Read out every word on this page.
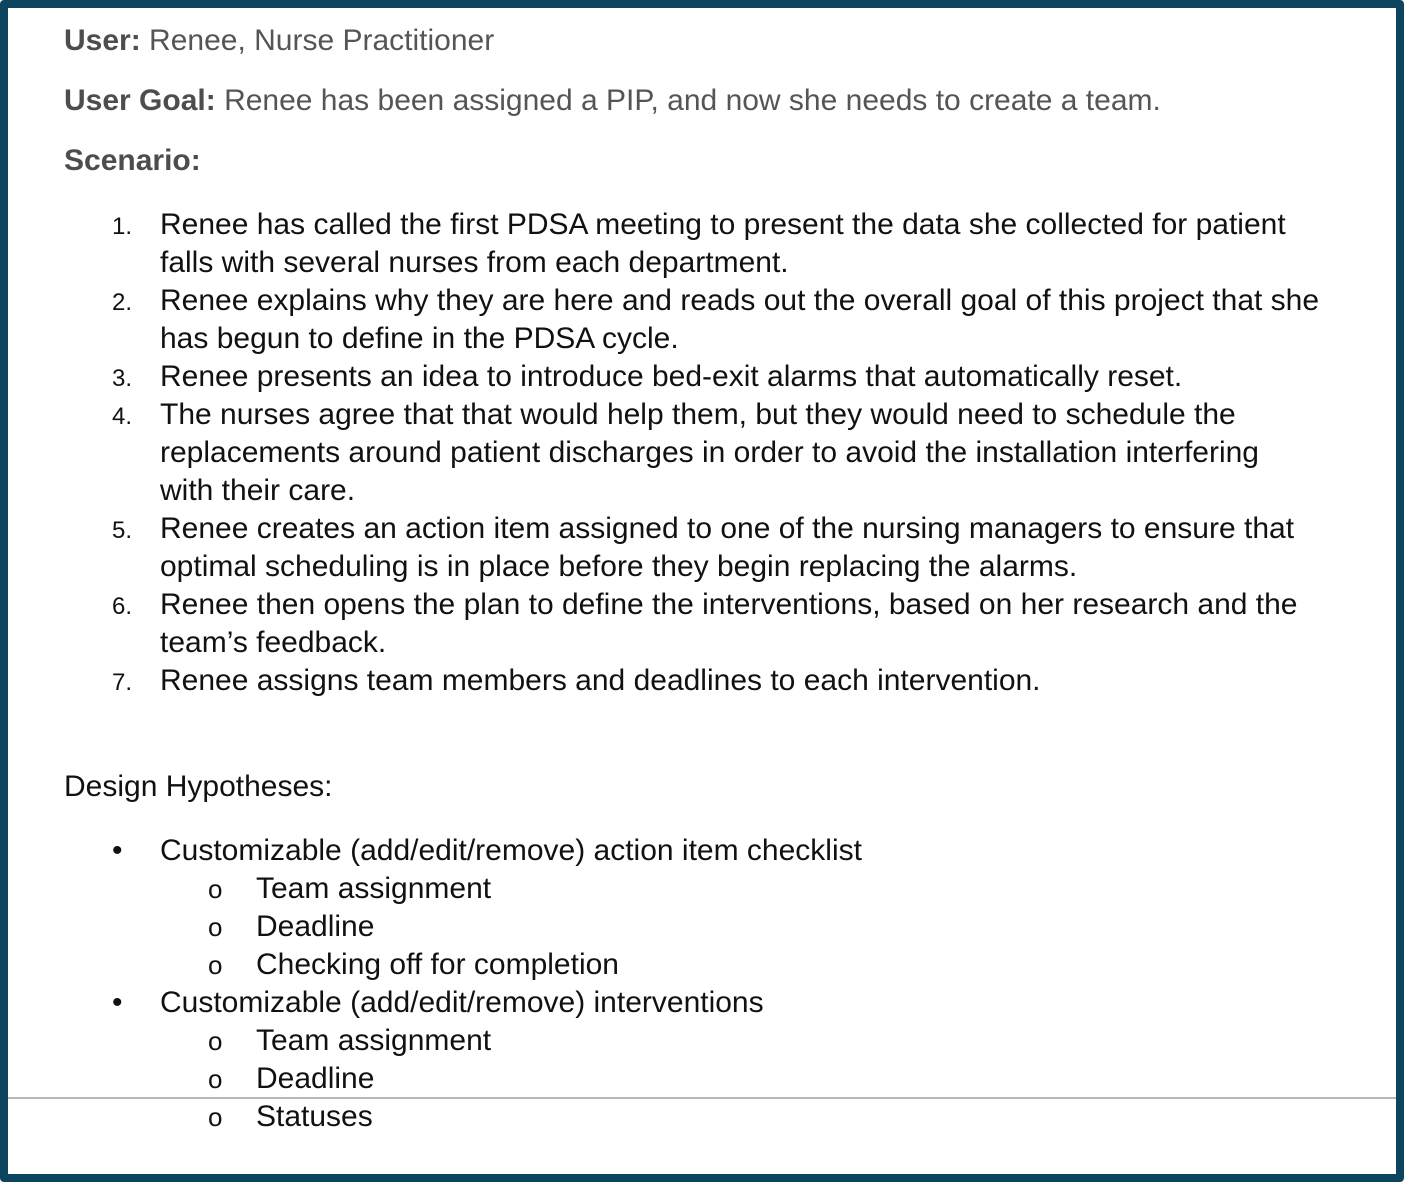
User: Renee, Nurse Practitioner
User Goal: Renee has been assigned a PIP, and now she needs to create a team.
Scenario:
1. Renee has called the first PDSA meeting to present the data she collected for patient falls with several nurses from each department.
2. Renee explains why they are here and reads out the overall goal of this project that she has begun to define in the PDSA cycle.
3. Renee presents an idea to introduce bed-exit alarms that automatically reset.
4. The nurses agree that that would help them, but they would need to schedule the replacements around patient discharges in order to avoid the installation interfering with their care.
5. Renee creates an action item assigned to one of the nursing managers to ensure that optimal scheduling is in place before they begin replacing the alarms.
6. Renee then opens the plan to define the interventions, based on her research and the team’s feedback.
7. Renee assigns team members and deadlines to each intervention.
Design Hypotheses:
• Customizable (add/edit/remove) action item checklist
o Team assignment
o Deadline
o Checking off for completion
• Customizable (add/edit/remove) interventions
o Team assignment
o Deadline
o Statuses
